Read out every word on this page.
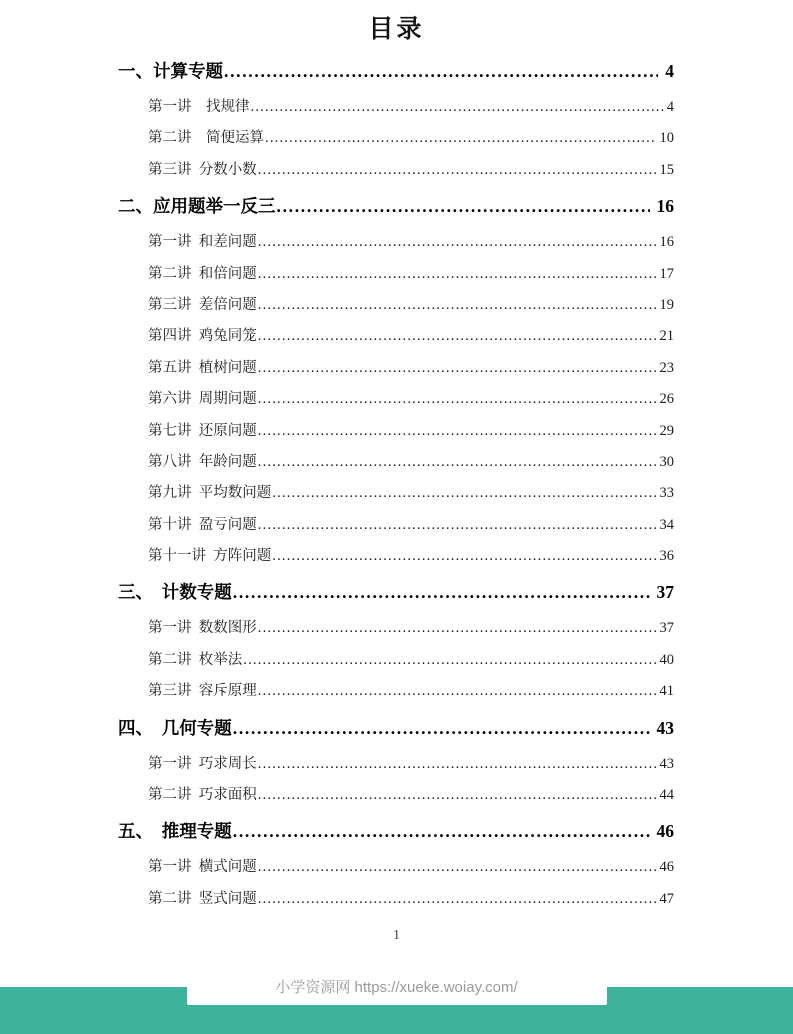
目录
一、计算专题 .....	4
第一讲　找规律 .....	4
第二讲　简便运算 .....	10
第三讲 分数小数 .....	15
二、应用题举一反三 .....	16
第一讲 和差问题 .....	16
第二讲 和倍问题 .....	17
第三讲 差倍问题 .....	19
第四讲 鸡兔同笼 .....	21
第五讲 植树问题 .....	23
第六讲 周期问题 .....	26
第七讲 还原问题 .....	29
第八讲 年龄问题 .....	30
第九讲 平均数问题 .....	33
第十讲 盈亏问题 .....	34
第十一讲 方阵问题 .....	36
三、　计数专题 .....	37
第一讲 数数图形 .....	37
第二讲 枚举法 .....	40
第三讲 容斥原理 .....	41
四、　几何专题 .....	43
第一讲 巧求周长 .....	43
第二讲 巧求面积 .....	44
五、　推理专题 .....	46
第一讲 横式问题 .....	46
第二讲 竖式问题 .....	47
1
小学资源网 https://xueke.woiay.com/
